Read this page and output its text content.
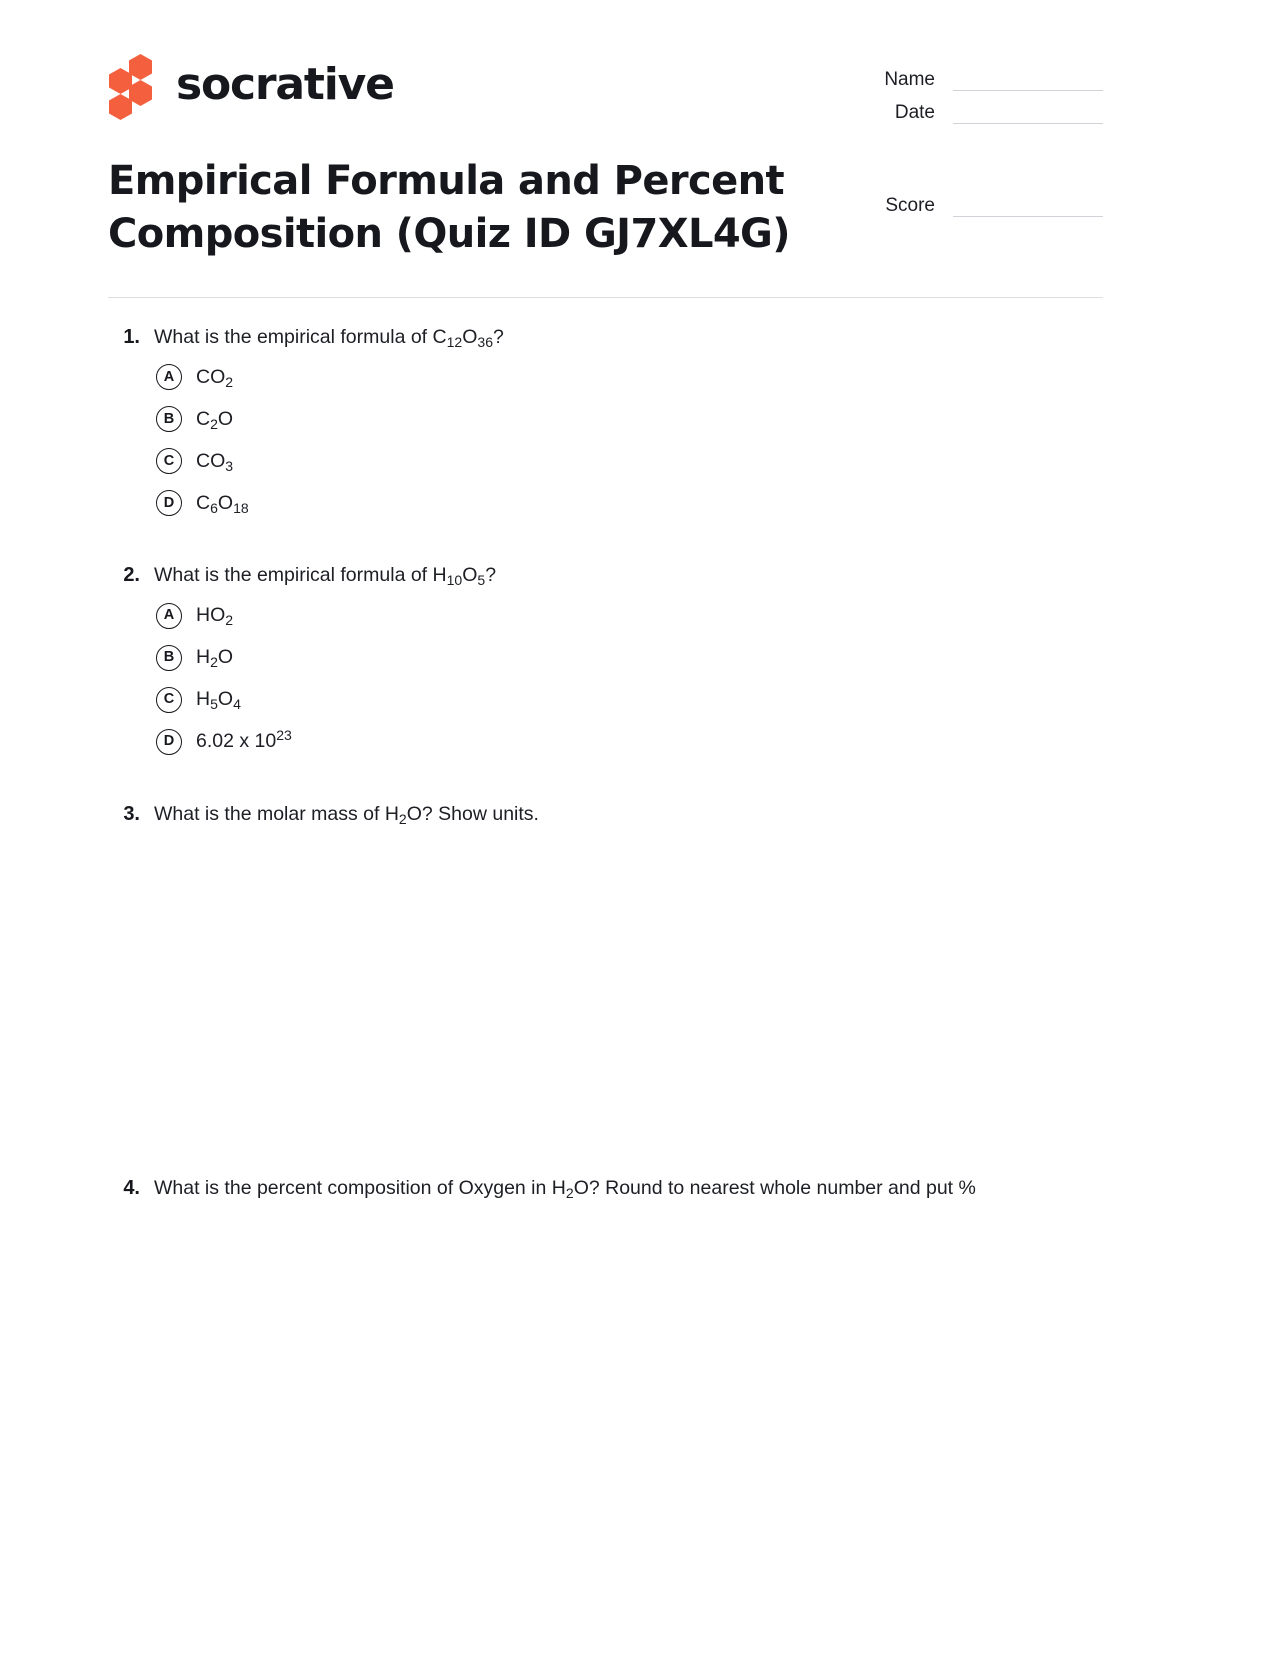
socrative	Name
Date
Score
Empirical Formula and Percent Composition (Quiz ID GJ7XL4G)
1. What is the empirical formula of $C_{12}O_{36}$?
A	$CO_2$
B	$C_2O$
C	$CO_3$
D	$C_6O_{18}$
2. What is the empirical formula of $H_{10}O_5$?
A	$HO_2$
B	$H_2O$
C	$H_5O_4$
D	6.02 x $10^{23}$
3. What is the molar mass of $H_2O$? Show units.
4. What is the percent composition of Oxygen in $H_2O$? Round to nearest whole number and put %
